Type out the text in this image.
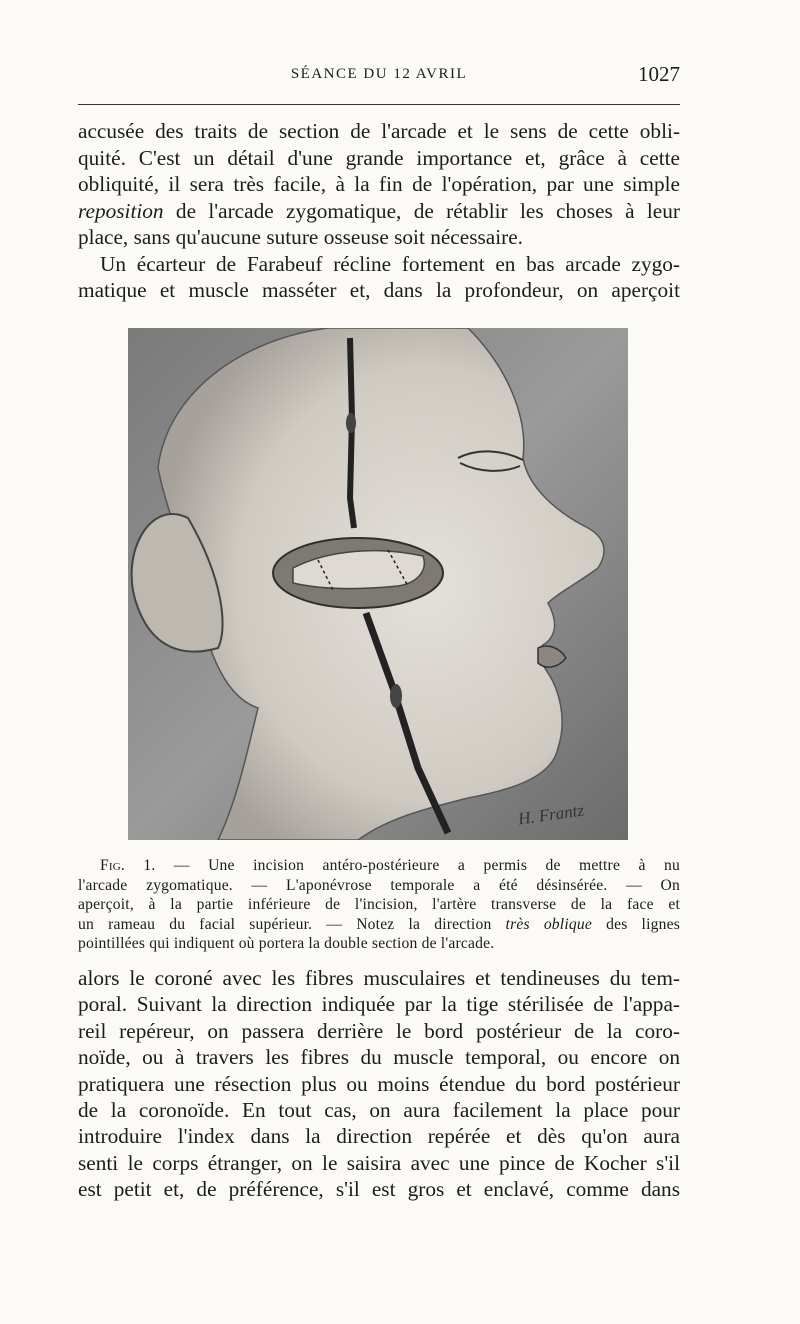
SÉANCE DU 12 AVRIL	1027
accusée des traits de section de l'arcade et le sens de cette obli-
quité. C'est un détail d'une grande importance et, grâce à cette
obliquité, il sera très facile, à la fin de l'opération, par une simple
reposition de l'arcade zygomatique, de rétablir les choses à leur
place, sans qu'aucune suture osseuse soit nécessaire.
Un écarteur de Farabeuf récline fortement en bas arcade zygo-
matique et muscle masséter et, dans la profondeur, on aperçoit
H. Frantz
Fig. 1. — Une incision antéro-postérieure a permis de mettre à nu
l'arcade zygomatique. — L'aponévrose temporale a été désinsérée. — On
aperçoit, à la partie inférieure de l'incision, l'artère transverse de la face et
un rameau du facial supérieur. — Notez la direction très oblique des lignes
pointillées qui indiquent où portera la double section de l'arcade.
alors le coroné avec les fibres musculaires et tendineuses du tem-
poral. Suivant la direction indiquée par la tige stérilisée de l'appa-
reil repéreur, on passera derrière le bord postérieur de la coro-
noïde, ou à travers les fibres du muscle temporal, ou encore on
pratiquera une résection plus ou moins étendue du bord postérieur
de la coronoïde. En tout cas, on aura facilement la place pour
introduire l'index dans la direction repérée et dès qu'on aura
senti le corps étranger, on le saisira avec une pince de Kocher s'il
est petit et, de préférence, s'il est gros et enclavé, comme dans
